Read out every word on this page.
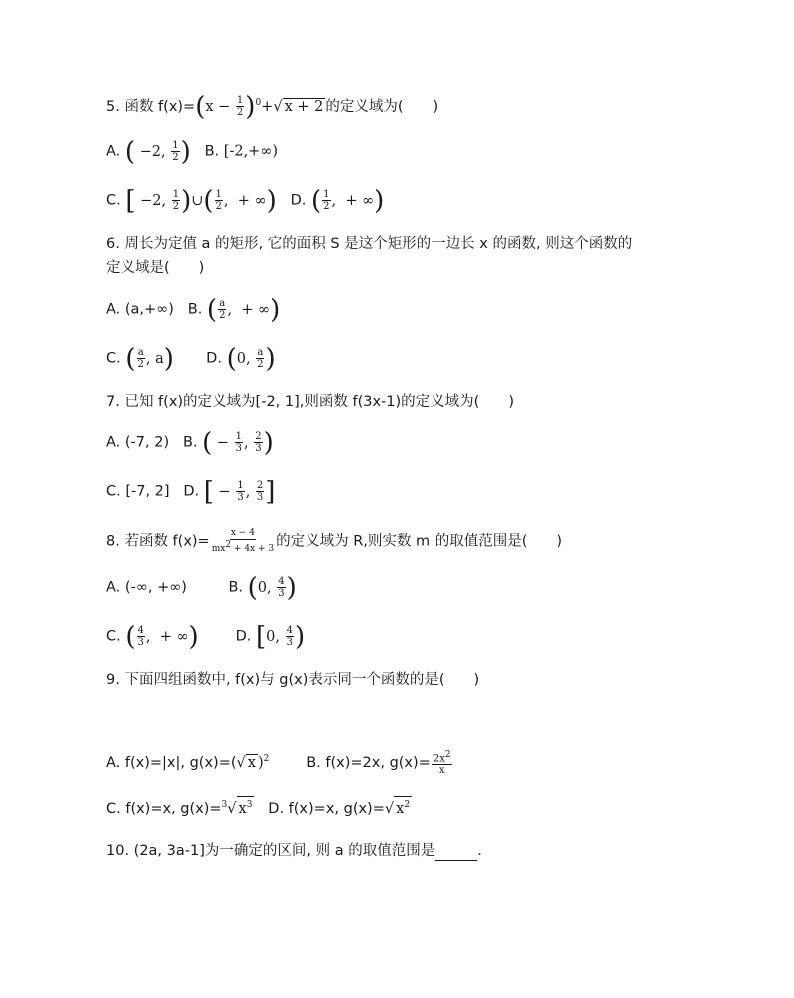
5. 函数 $f(x)=(x - \frac{1}{2} )^0+√$ x + 2 的定义域为(　　)
A. ( −2, $\frac{1}{2}$ ) B. [-2,+∞)
C. [ −2, $\frac{1}{2}$ )∪( $\frac{1}{2}$ ,  + ∞) D. ( $\frac{1}{2}$ ,  + ∞)
6. 周长为定值 a 的矩形, 它的面积 S 是这个矩形的一边长 x 的函数, 则这个函数的
定义域是(　　)
A. (a,+∞) B. ( $\frac{a}{2}$ ,  + ∞)
C. ( $\frac{a}{2}$ , a) D. (0, $\frac{a}{2}$ )
7. 已知 f(x)的定义域为[-2, 1],则函数 f(3x-1)的定义域为(　　)
A. (-7, 2) B. ( − $\frac{1}{3}$ , $\frac{2}{3}$ )
C. [-7, 2] D. [ − $\frac{1}{3}$ , $\frac{2}{3}$ ]
8. 若函数 $f(x)= \frac{x - 4}{mx^2 + 4x + 3}$ 的定义域为 R,则实数 m 的取值范围是(　　)
A. (-∞, +∞)	B. (0, $\frac{4}{3}$ )
C. ( $\frac{4}{3}$ ,  + ∞)	D. [0, $\frac{4}{3}$ )
9. 下面四组函数中, f(x)与 g(x)表示同一个函数的是(　　)
A. f(x)=|x|, g(x)=(√ x )$^2$	B. f(x)=2x, $g(x)= \frac{2x^2}{x}$
C. f(x)=x, g(x)=$^3$√ $x^3$ D. f(x)=x, g(x)=√ $x^2$
10. (2a, 3a-1]为一确定的区间, 则 a 的取值范围是	.
